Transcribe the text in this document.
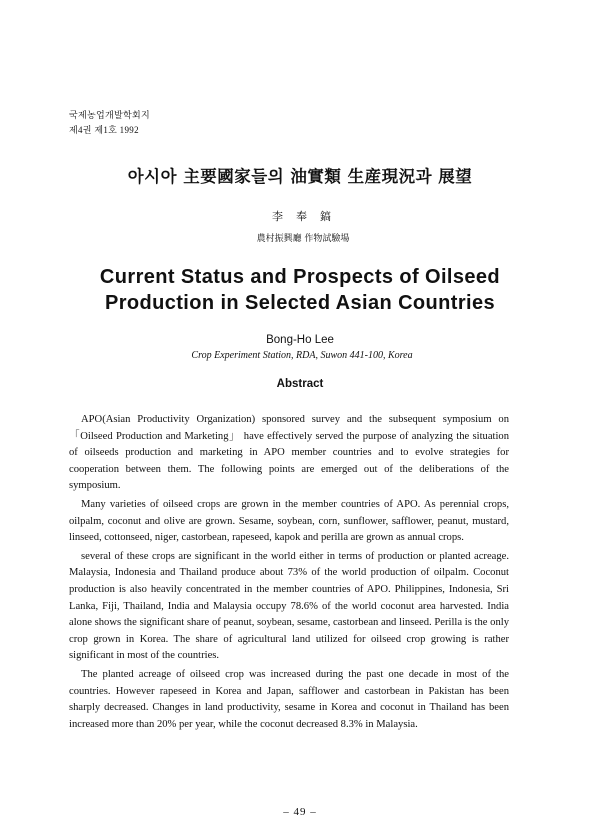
국제농업개발학회지
제4권 제1호 1992
아시아 主要國家들의 油實類 生産現況과 展望
李奉鎬
農村振興廳 作物試驗場
Current Status and Prospects of Oilseed
Production in Selected Asian Countries
Bong-Ho Lee
Crop Experiment Station, RDA, Suwon 441-100, Korea
Abstract

APO(Asian Productivity Organization) sponsored survey and the subsequent symposium on 「Oilseed Production and Marketing」 have effectively served the purpose of analyzing the situation of oilseeds production and marketing in APO member countries and to evolve strategies for cooperation between them. The following points are emerged out of the deliberations of the symposium.

Many varieties of oilseed crops are grown in the member countries of APO. As perennial crops, oilpalm, coconut and olive are grown. Sesame, soybean, corn, sunflower, safflower, peanut, mustard, linseed, cottonseed, niger, castorbean, rapeseed, kapok and perilla are grown as annual crops.

several of these crops are significant in the world either in terms of production or planted acreage. Malaysia, Indonesia and Thailand produce about 73% of the world production of oilpalm. Coconut production is also heavily concentrated in the member countries of APO. Philippines, Indonesia, Sri Lanka, Fiji, Thailand, India and Malaysia occupy 78.6% of the world coconut area harvested. India alone shows the significant share of peanut, soybean, sesame, castorbean and linseed. Perilla is the only crop grown in Korea. The share of agricultural land utilized for oilseed crop growing is rather significant in most of the countries.

The planted acreage of oilseed crop was increased during the past one decade in most of the countries. However rapeseed in Korea and Japan, safflower and castorbean in Pakistan has been sharply decreased. Changes in land productivity, sesame in Korea and coconut in Thailand has been increased more than 20% per year, while the coconut decreased 8.3% in Malaysia.

– 49 –
